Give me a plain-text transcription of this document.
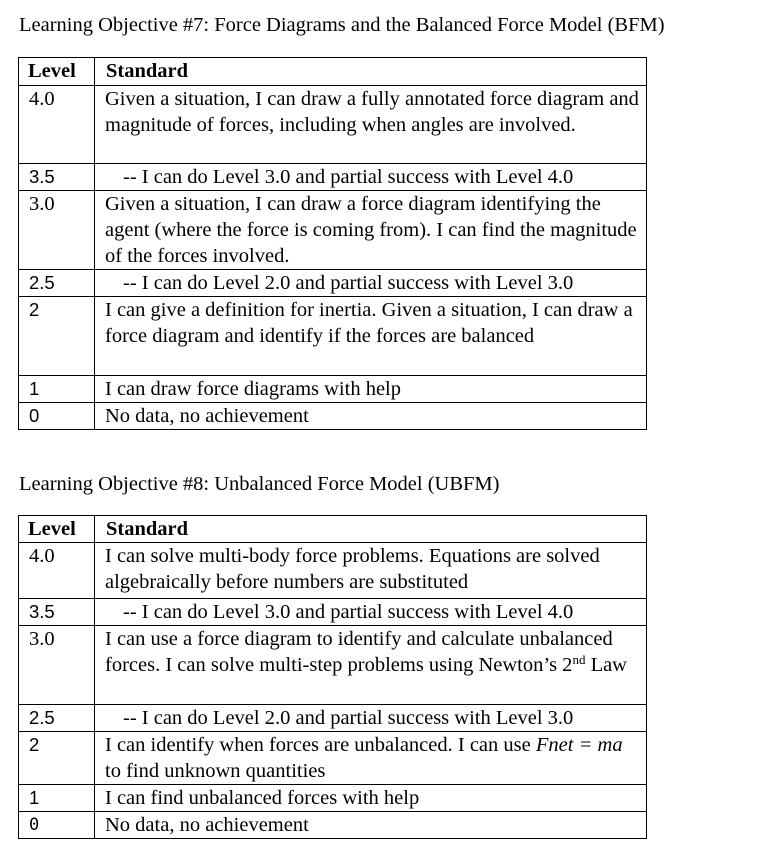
Learning Objective #7: Force Diagrams and the Balanced Force Model (BFM)
Level	Standard
4.0	Given a situation, I can draw a fully annotated force diagram and magnitude of forces, including when angles are involved.
3.5	-- I can do Level 3.0 and partial success with Level 4.0
3.0	Given a situation, I can draw a force diagram identifying the agent (where the force is coming from). I can find the magnitude of the forces involved.
2.5	-- I can do Level 2.0 and partial success with Level 3.0
2	I can give a definition for inertia. Given a situation, I can draw a force diagram and identify if the forces are balanced
1	I can draw force diagrams with help
0	No data, no achievement
Learning Objective #8: Unbalanced Force Model (UBFM)
Level	Standard
4.0	I can solve multi-body force problems. Equations are solved algebraically before numbers are substituted
3.5	-- I can do Level 3.0 and partial success with Level 4.0
3.0	I can use a force diagram to identify and calculate unbalanced forces. I can solve multi-step problems using Newton’s 2nd Law
2.5	-- I can do Level 2.0 and partial success with Level 3.0
2	I can identify when forces are unbalanced. I can use Fnet = ma to find unknown quantities
1	I can find unbalanced forces with help
0	No data, no achievement
